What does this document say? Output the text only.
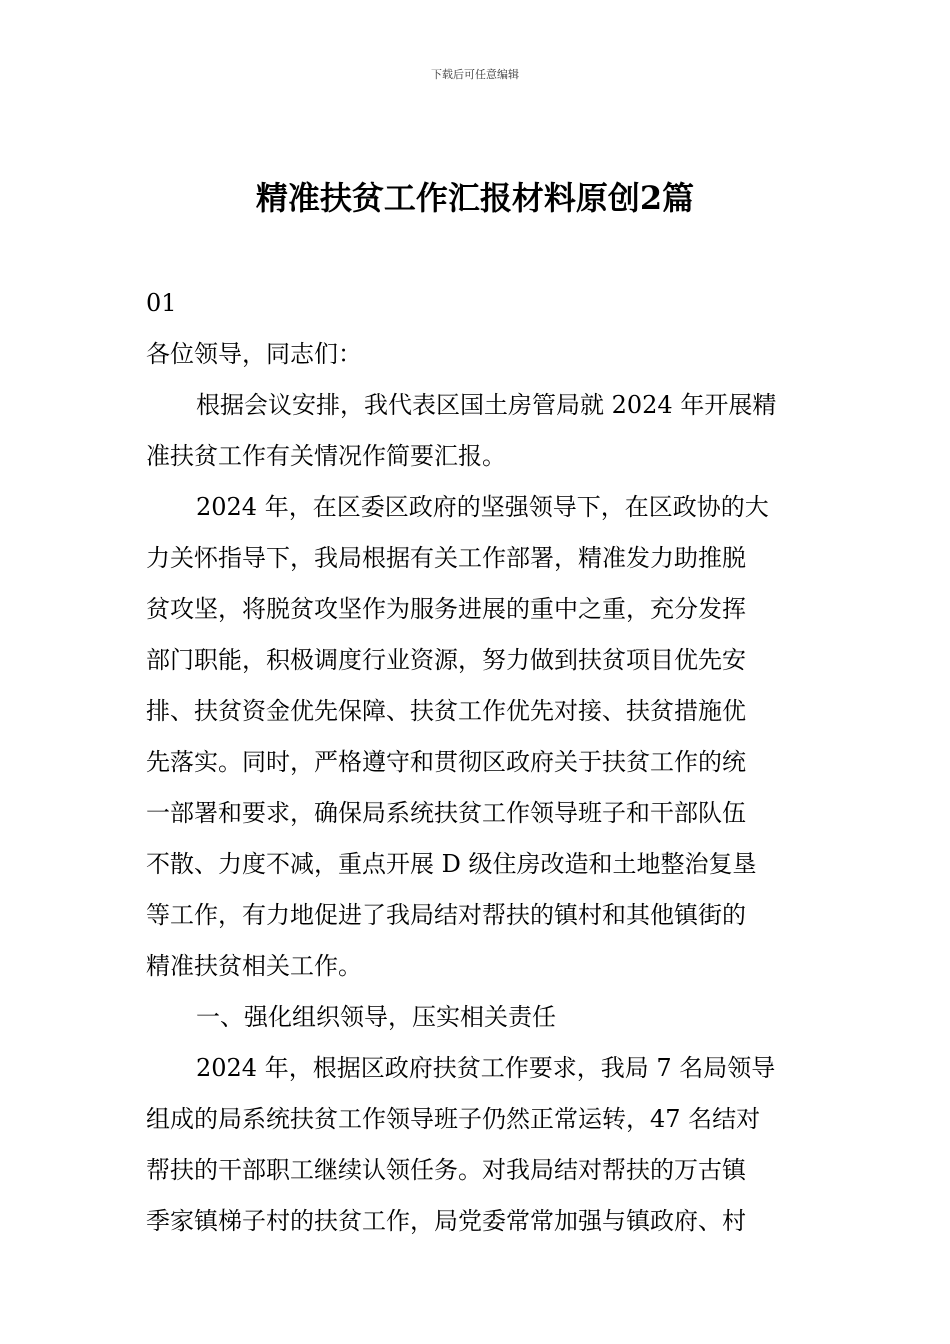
下载后可任意编辑
精准扶贫工作汇报材料原创2篇
01
各位领导，同志们：
根据会议安排，我代表区国土房管局就 2024 年开展精
准扶贫工作有关情况作简要汇报。
2024 年，在区委区政府的坚强领导下，在区政协的大
力关怀指导下，我局根据有关工作部署，精准发力助推脱
贫攻坚，将脱贫攻坚作为服务进展的重中之重，充分发挥
部门职能，积极调度行业资源，努力做到扶贫项目优先安
排、扶贫资金优先保障、扶贫工作优先对接、扶贫措施优
先落实。同时，严格遵守和贯彻区政府关于扶贫工作的统
一部署和要求，确保局系统扶贫工作领导班子和干部队伍
不散、力度不减，重点开展 D 级住房改造和土地整治复垦
等工作，有力地促进了我局结对帮扶的镇村和其他镇街的
精准扶贫相关工作。
一、强化组织领导，压实相关责任
2024 年，根据区政府扶贫工作要求，我局 7 名局领导
组成的局系统扶贫工作领导班子仍然正常运转，47 名结对
帮扶的干部职工继续认领任务。对我局结对帮扶的万古镇
季家镇梯子村的扶贫工作，局党委常常加强与镇政府、村
